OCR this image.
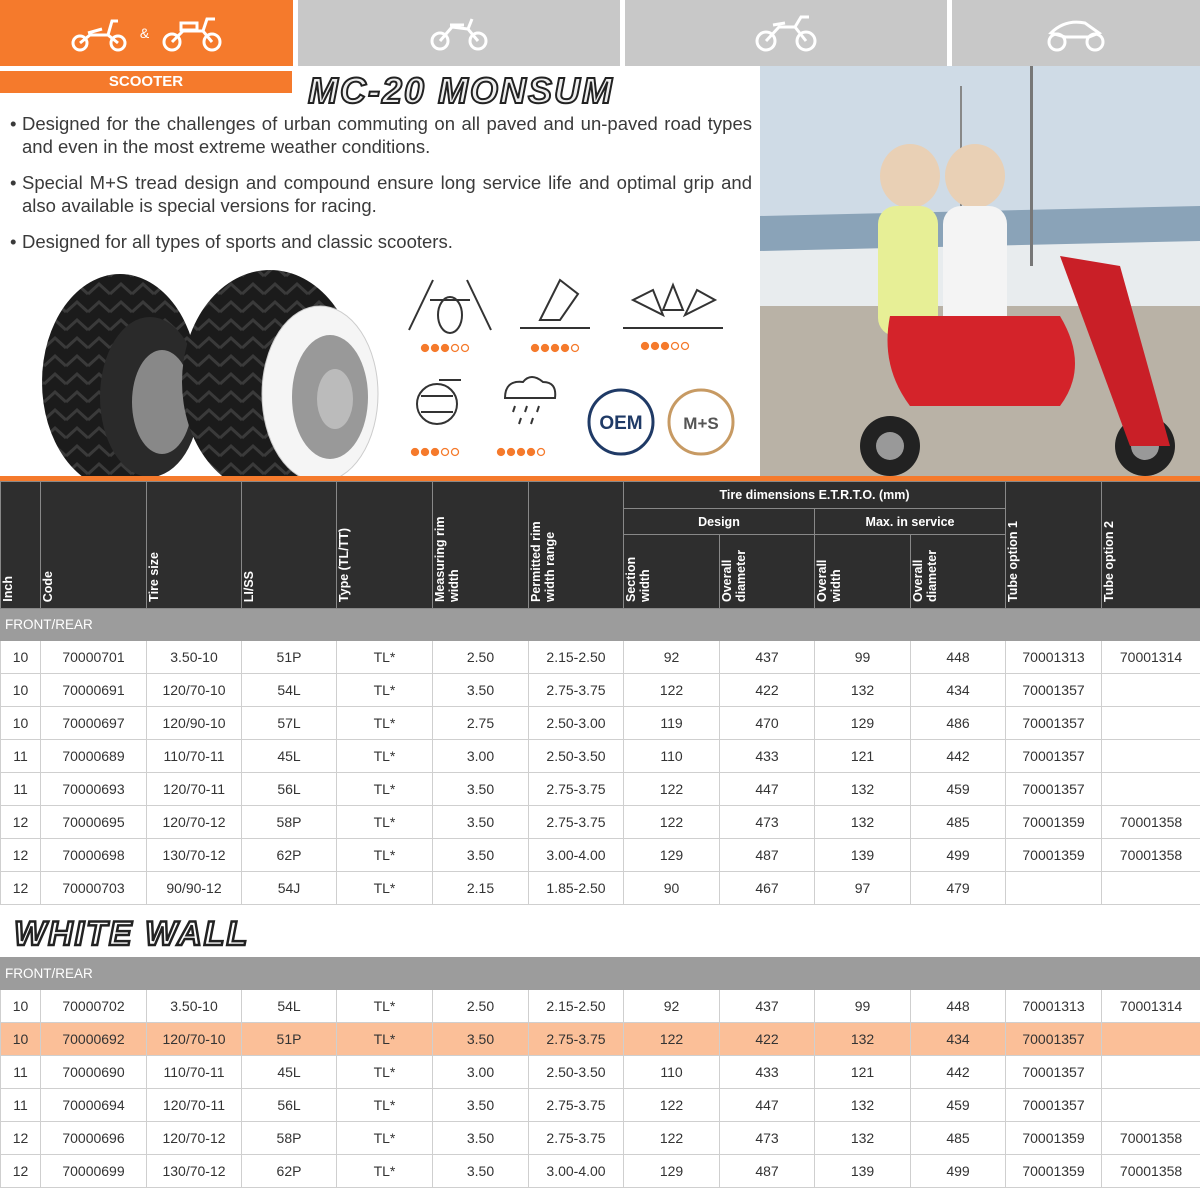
&
SCOOTER	MC-20 MONSUM
• Designed for the challenges of urban commuting on all paved and un-paved road types and even in the most extreme weather conditions.
• Special M+S tread design and compound ensure long service life and optimal grip and also available is special versions for racing.
• Designed for all types of sports and classic scooters.
OEM M+S
Inch	Code	Tire size	LI/SS	Type (TL/TT)	Measuring rim width	Permitted rim width range	Tire dimensions E.T.R.T.O. (mm)				Tube option 1	Tube option 2

							Design		Max. in service			

							Section width	Overall diameter	Overall width	Overall diameter		

FRONT/REAR												
10	70000701	3.50-10	51P	TL*	2.50	2.15-2.50	92	437	99	448	70001313	70001314
10	70000691	120/70-10	54L	TL*	3.50	2.75-3.75	122	422	132	434	70001357	
10	70000697	120/90-10	57L	TL*	2.75	2.50-3.00	119	470	129	486	70001357	
11	70000689	110/70-11	45L	TL*	3.00	2.50-3.50	110	433	121	442	70001357	
11	70000693	120/70-11	56L	TL*	3.50	2.75-3.75	122	447	132	459	70001357	
12	70000695	120/70-12	58P	TL*	3.50	2.75-3.75	122	473	132	485	70001359	70001358
12	70000698	130/70-12	62P	TL*	3.50	3.00-4.00	129	487	139	499	70001359	70001358
12	70000703	90/90-12	54J	TL*	2.15	1.85-2.50	90	467	97	479		
WHITE WALL
FRONT/REAR												
10	70000702	3.50-10	54L	TL*	2.50	2.15-2.50	92	437	99	448	70001313	70001314
10	70000692	120/70-10	51P	TL*	3.50	2.75-3.75	122	422	132	434	70001357	
11	70000690	110/70-11	45L	TL*	3.00	2.50-3.50	110	433	121	442	70001357	
11	70000694	120/70-11	56L	TL*	3.50	2.75-3.75	122	447	132	459	70001357	
12	70000696	120/70-12	58P	TL*	3.50	2.75-3.75	122	473	132	485	70001359	70001358
12	70000699	130/70-12	62P	TL*	3.50	3.00-4.00	129	487	139	499	70001359	70001358
